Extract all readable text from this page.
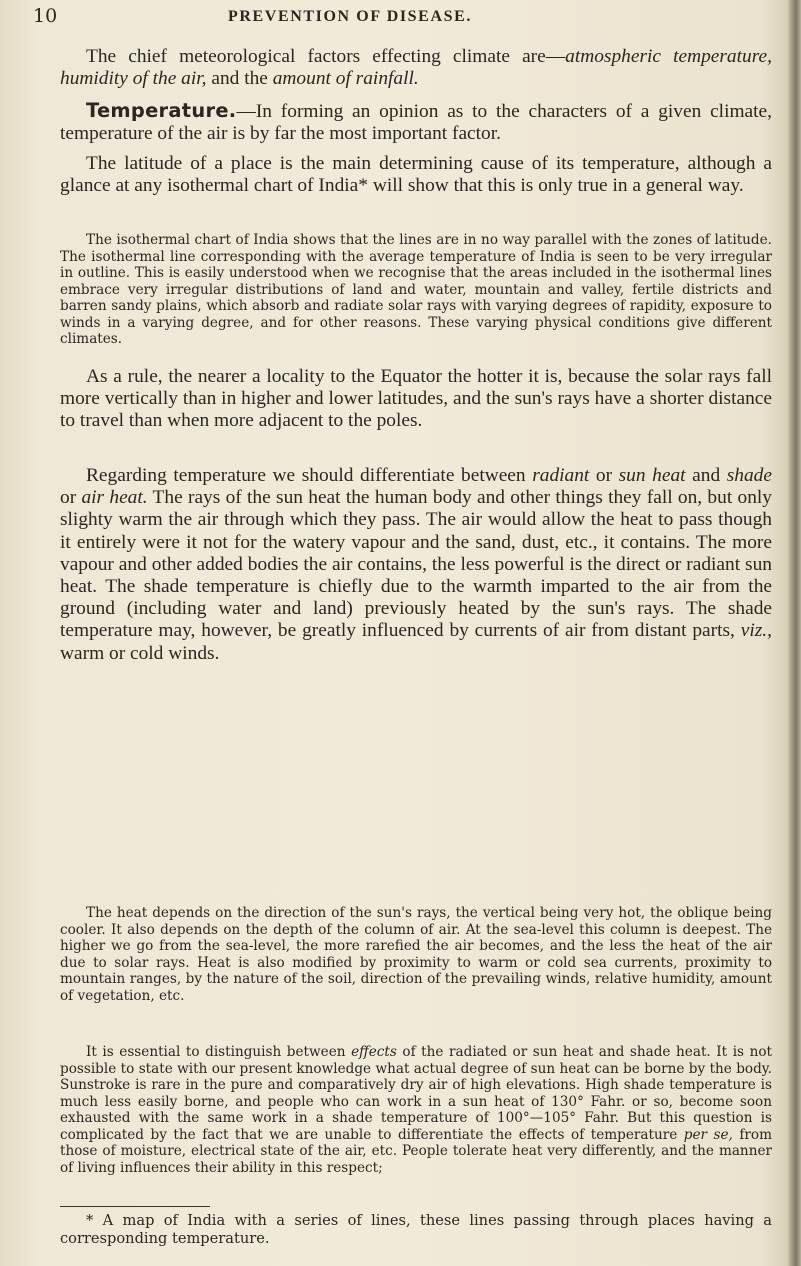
10	PREVENTION OF DISEASE.

The chief meteorological factors effecting climate are—atmospheric temperature, humidity of the air, and the amount of rainfall.

Temperature.—In forming an opinion as to the characters of a given climate, temperature of the air is by far the most important factor.

The latitude of a place is the main determining cause of its temperature, although a glance at any isothermal chart of India* will show that this is only true in a general way.

The isothermal chart of India shows that the lines are in no way parallel with the zones of latitude. The isothermal line corresponding with the average temperature of India is seen to be very irregular in outline. This is easily understood when we recognise that the areas included in the isothermal lines embrace very irregular distributions of land and water, mountain and valley, fertile districts and barren sandy plains, which absorb and radiate solar rays with varying degrees of rapidity, exposure to winds in a varying degree, and for other reasons. These varying physical conditions give different climates.

As a rule, the nearer a locality to the Equator the hotter it is, because the solar rays fall more vertically than in higher and lower latitudes, and the sun's rays have a shorter distance to travel than when more adjacent to the poles.

Regarding temperature we should differentiate between radiant or sun heat and shade or air heat. The rays of the sun heat the human body and other things they fall on, but only slighty warm the air through which they pass. The air would allow the heat to pass though it entirely were it not for the watery vapour and the sand, dust, etc., it contains. The more vapour and other added bodies the air contains, the less powerful is the direct or radiant sun heat. The shade temperature is chiefly due to the warmth imparted to the air from the ground (including water and land) previously heated by the sun's rays. The shade temperature may, however, be greatly influenced by currents of air from distant parts, viz., warm or cold winds.

The heat depends on the direction of the sun's rays, the vertical being very hot, the oblique being cooler. It also depends on the depth of the column of air. At the sea-level this column is deepest. The higher we go from the sea-level, the more rarefied the air becomes, and the less the heat of the air due to solar rays. Heat is also modified by proximity to warm or cold sea currents, proximity to mountain ranges, by the nature of the soil, direction of the prevailing winds, relative humidity, amount of vegetation, etc.

It is essential to distinguish between effects of the radiated or sun heat and shade heat. It is not possible to state with our present knowledge what actual degree of sun heat can be borne by the body. Sunstroke is rare in the pure and comparatively dry air of high elevations. High shade temperature is much less easily borne, and people who can work in a sun heat of 130° Fahr. or so, become soon exhausted with the same work in a shade temperature of 100°—105° Fahr. But this question is complicated by the fact that we are unable to differentiate the effects of temperature per se, from those of moisture, electrical state of the air, etc. People tolerate heat very differently, and the manner of living influences their ability in this respect;

* A map of India with a series of lines, these lines passing through places having a corresponding temperature.
